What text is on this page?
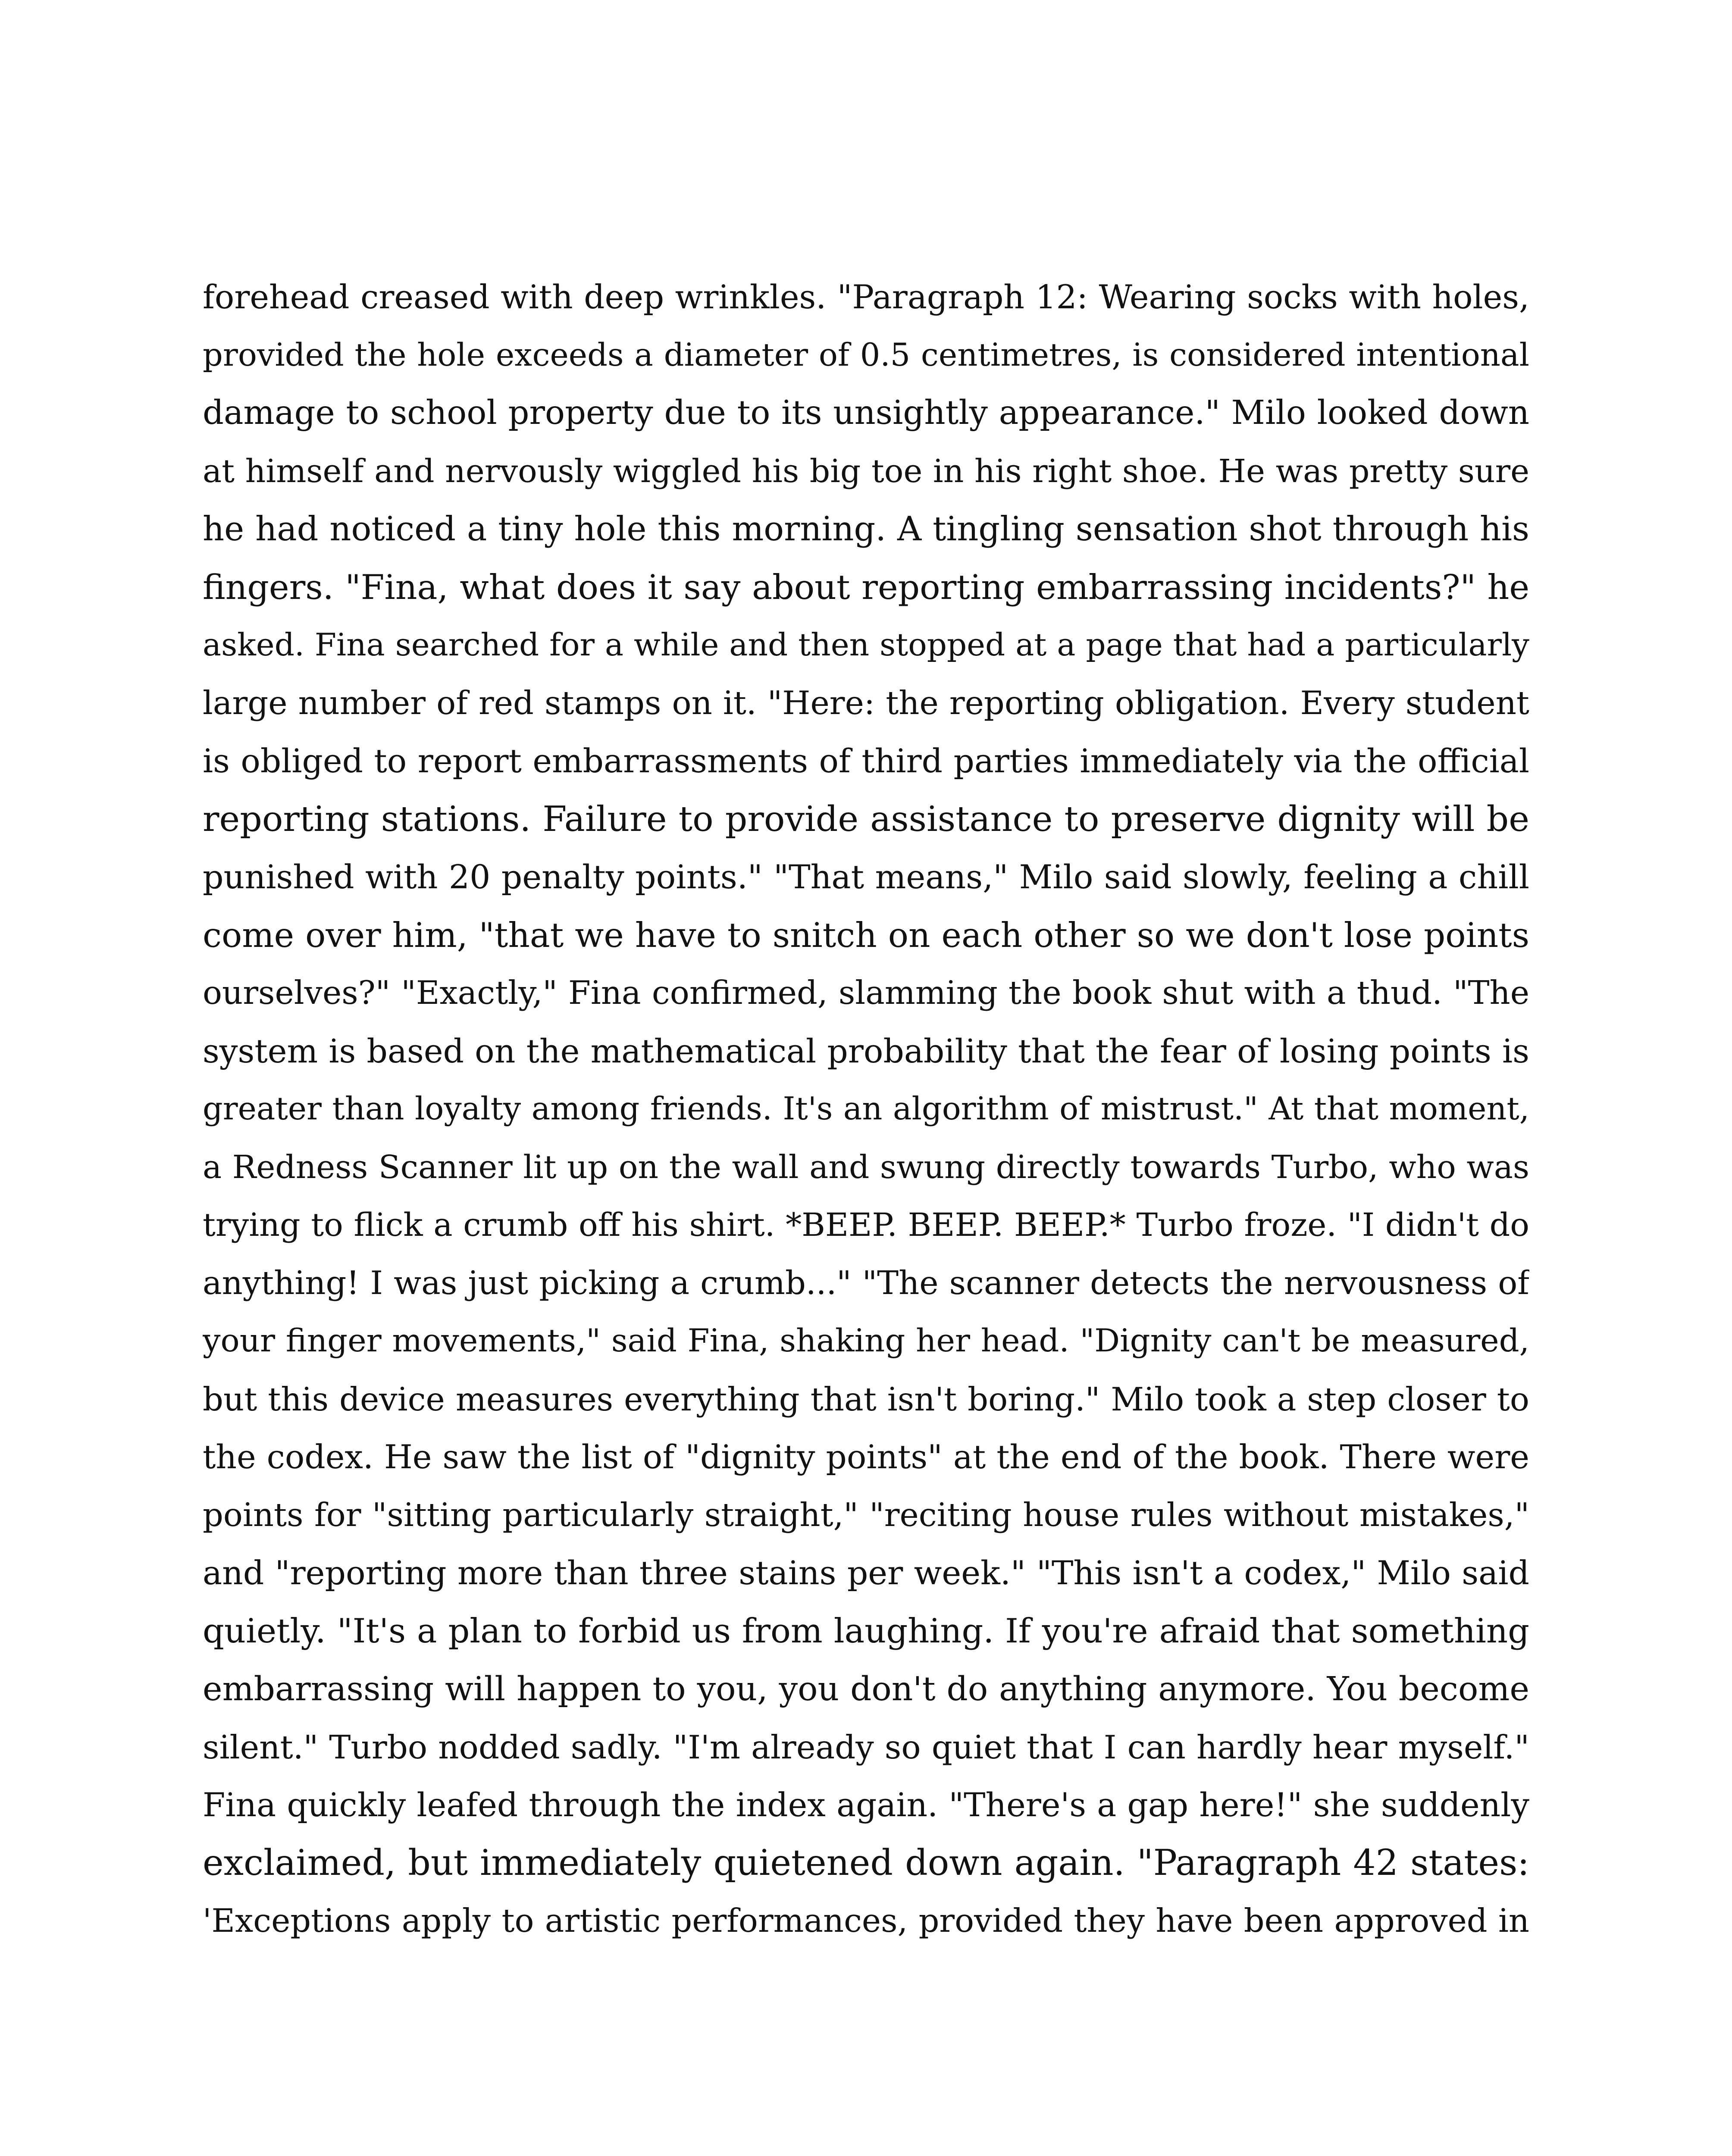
forehead creased with deep wrinkles. "Paragraph 12: Wearing socks with holes,
provided the hole exceeds a diameter of 0.5 centimetres, is considered intentional
damage to school property due to its unsightly appearance." Milo looked down
at himself and nervously wiggled his big toe in his right shoe. He was pretty sure
he had noticed a tiny hole this morning. A tingling sensation shot through his
fingers. "Fina, what does it say about reporting embarrassing incidents?" he
asked. Fina searched for a while and then stopped at a page that had a particularly
large number of red stamps on it. "Here: the reporting obligation. Every student
is obliged to report embarrassments of third parties immediately via the official
reporting stations. Failure to provide assistance to preserve dignity will be
punished with 20 penalty points." "That means," Milo said slowly, feeling a chill
come over him, "that we have to snitch on each other so we don't lose points
ourselves?" "Exactly," Fina confirmed, slamming the book shut with a thud. "The
system is based on the mathematical probability that the fear of losing points is
greater than loyalty among friends. It's an algorithm of mistrust." At that moment,
a Redness Scanner lit up on the wall and swung directly towards Turbo, who was
trying to flick a crumb off his shirt. *BEEP. BEEP. BEEP.* Turbo froze. "I didn't do
anything! I was just picking a crumb..." "The scanner detects the nervousness of
your finger movements," said Fina, shaking her head. "Dignity can't be measured,
but this device measures everything that isn't boring." Milo took a step closer to
the codex. He saw the list of "dignity points" at the end of the book. There were
points for "sitting particularly straight," "reciting house rules without mistakes,"
and "reporting more than three stains per week." "This isn't a codex," Milo said
quietly. "It's a plan to forbid us from laughing. If you're afraid that something
embarrassing will happen to you, you don't do anything anymore. You become
silent." Turbo nodded sadly. "I'm already so quiet that I can hardly hear myself."
Fina quickly leafed through the index again. "There's a gap here!" she suddenly
exclaimed, but immediately quietened down again. "Paragraph 42 states:
'Exceptions apply to artistic performances, provided they have been approved in
